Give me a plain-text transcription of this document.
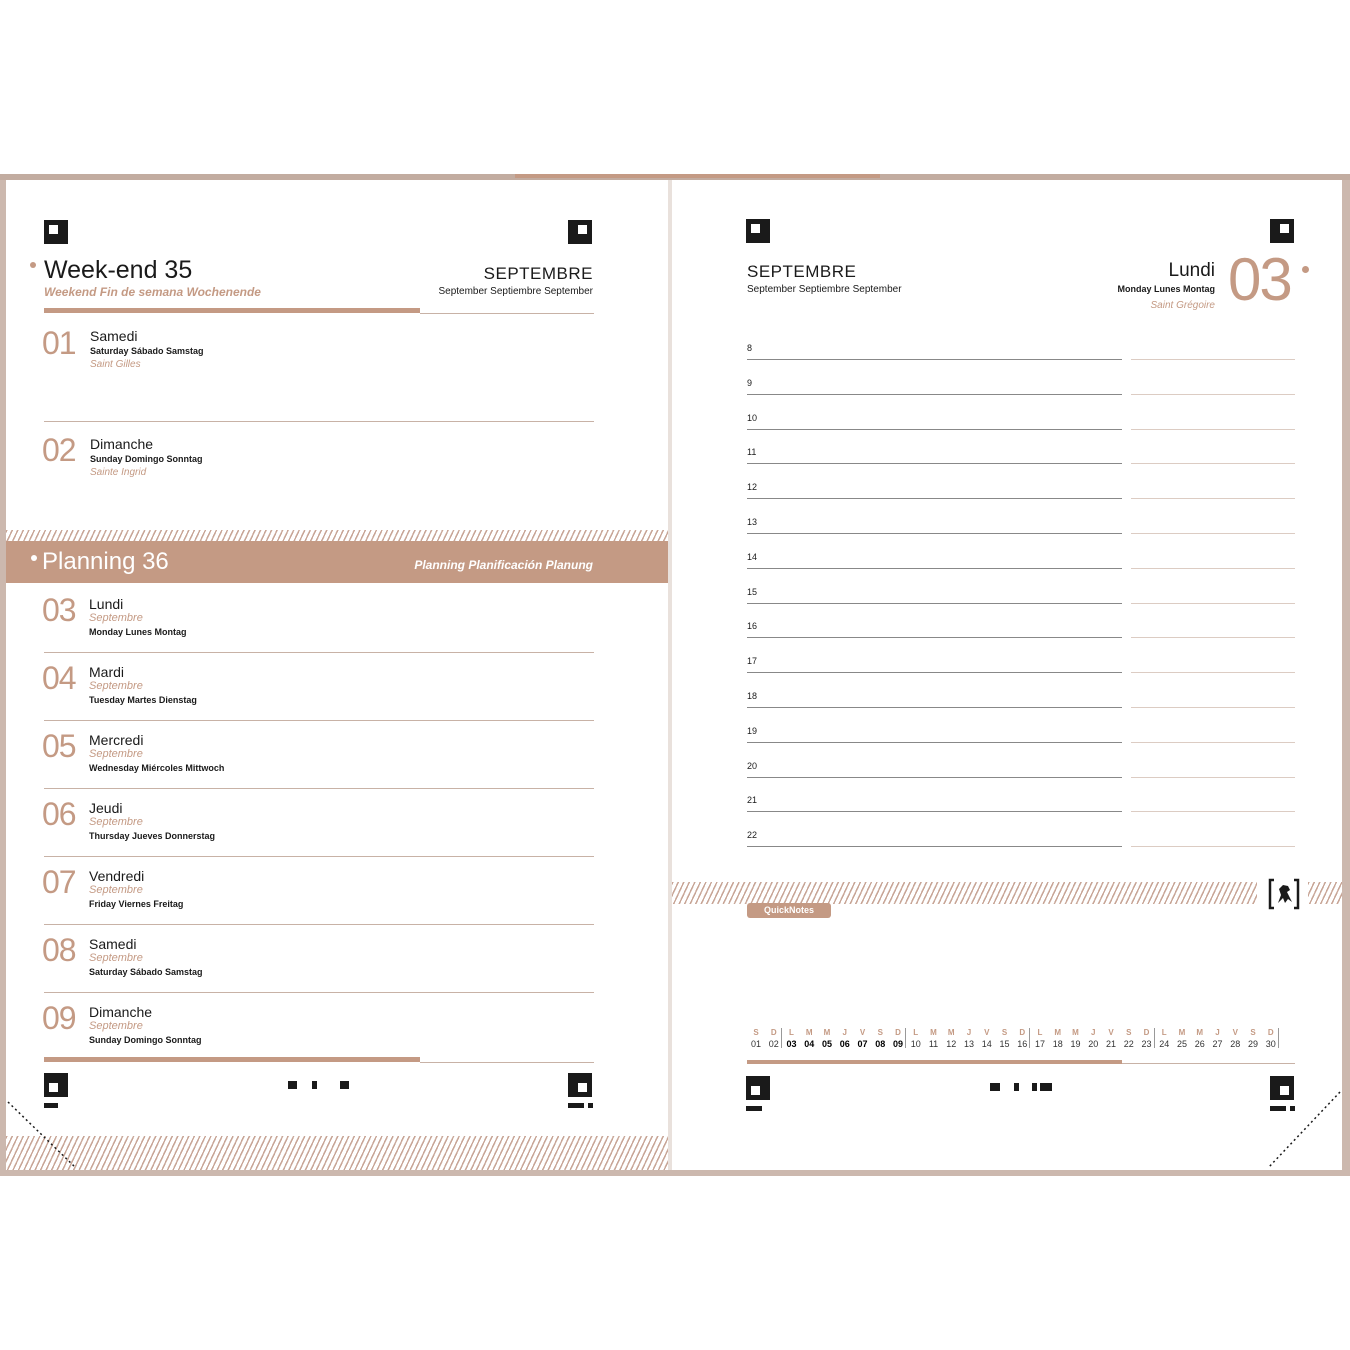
Week-end 35
Weekend Fin de semana Wochenende
SEPTEMBRE
September Septiembre September
01 Samedi
Saturday Sábado Samstag
Saint Gilles
02 Dimanche
Sunday Domingo Sonntag
Sainte Ingrid
Planning 36	Planning Planificación Planung
03 Lundi
Septembre
Monday Lunes Montag
04 Mardi
Septembre
Tuesday Martes Dienstag
05 Mercredi
Septembre
Wednesday Miércoles Mittwoch
06 Jeudi
Septembre
Thursday Jueves Donnerstag
07 Vendredi
Septembre
Friday Viernes Freitag
08 Samedi
Septembre
Saturday Sábado Samstag
09 Dimanche
Septembre
Sunday Domingo Sonntag
SEPTEMBRE
September Septiembre September
Lundi
Monday Lunes Montag
Saint Grégoire 03
8
9
10
11
12
13
14
15
16
17
18
19
20
21
22
QuickNotes
S
01
D
02
L
03
M
04
M
05
J
06
V
07
S
08
D
09
L
10
M
11
M
12
J
13
V
14
S
15
D
16
L
17
M
18
M
19
J
20
V
21
S
22
D
23
L
24
M
25
M
26
J
27
V
28
S
29
D
30
